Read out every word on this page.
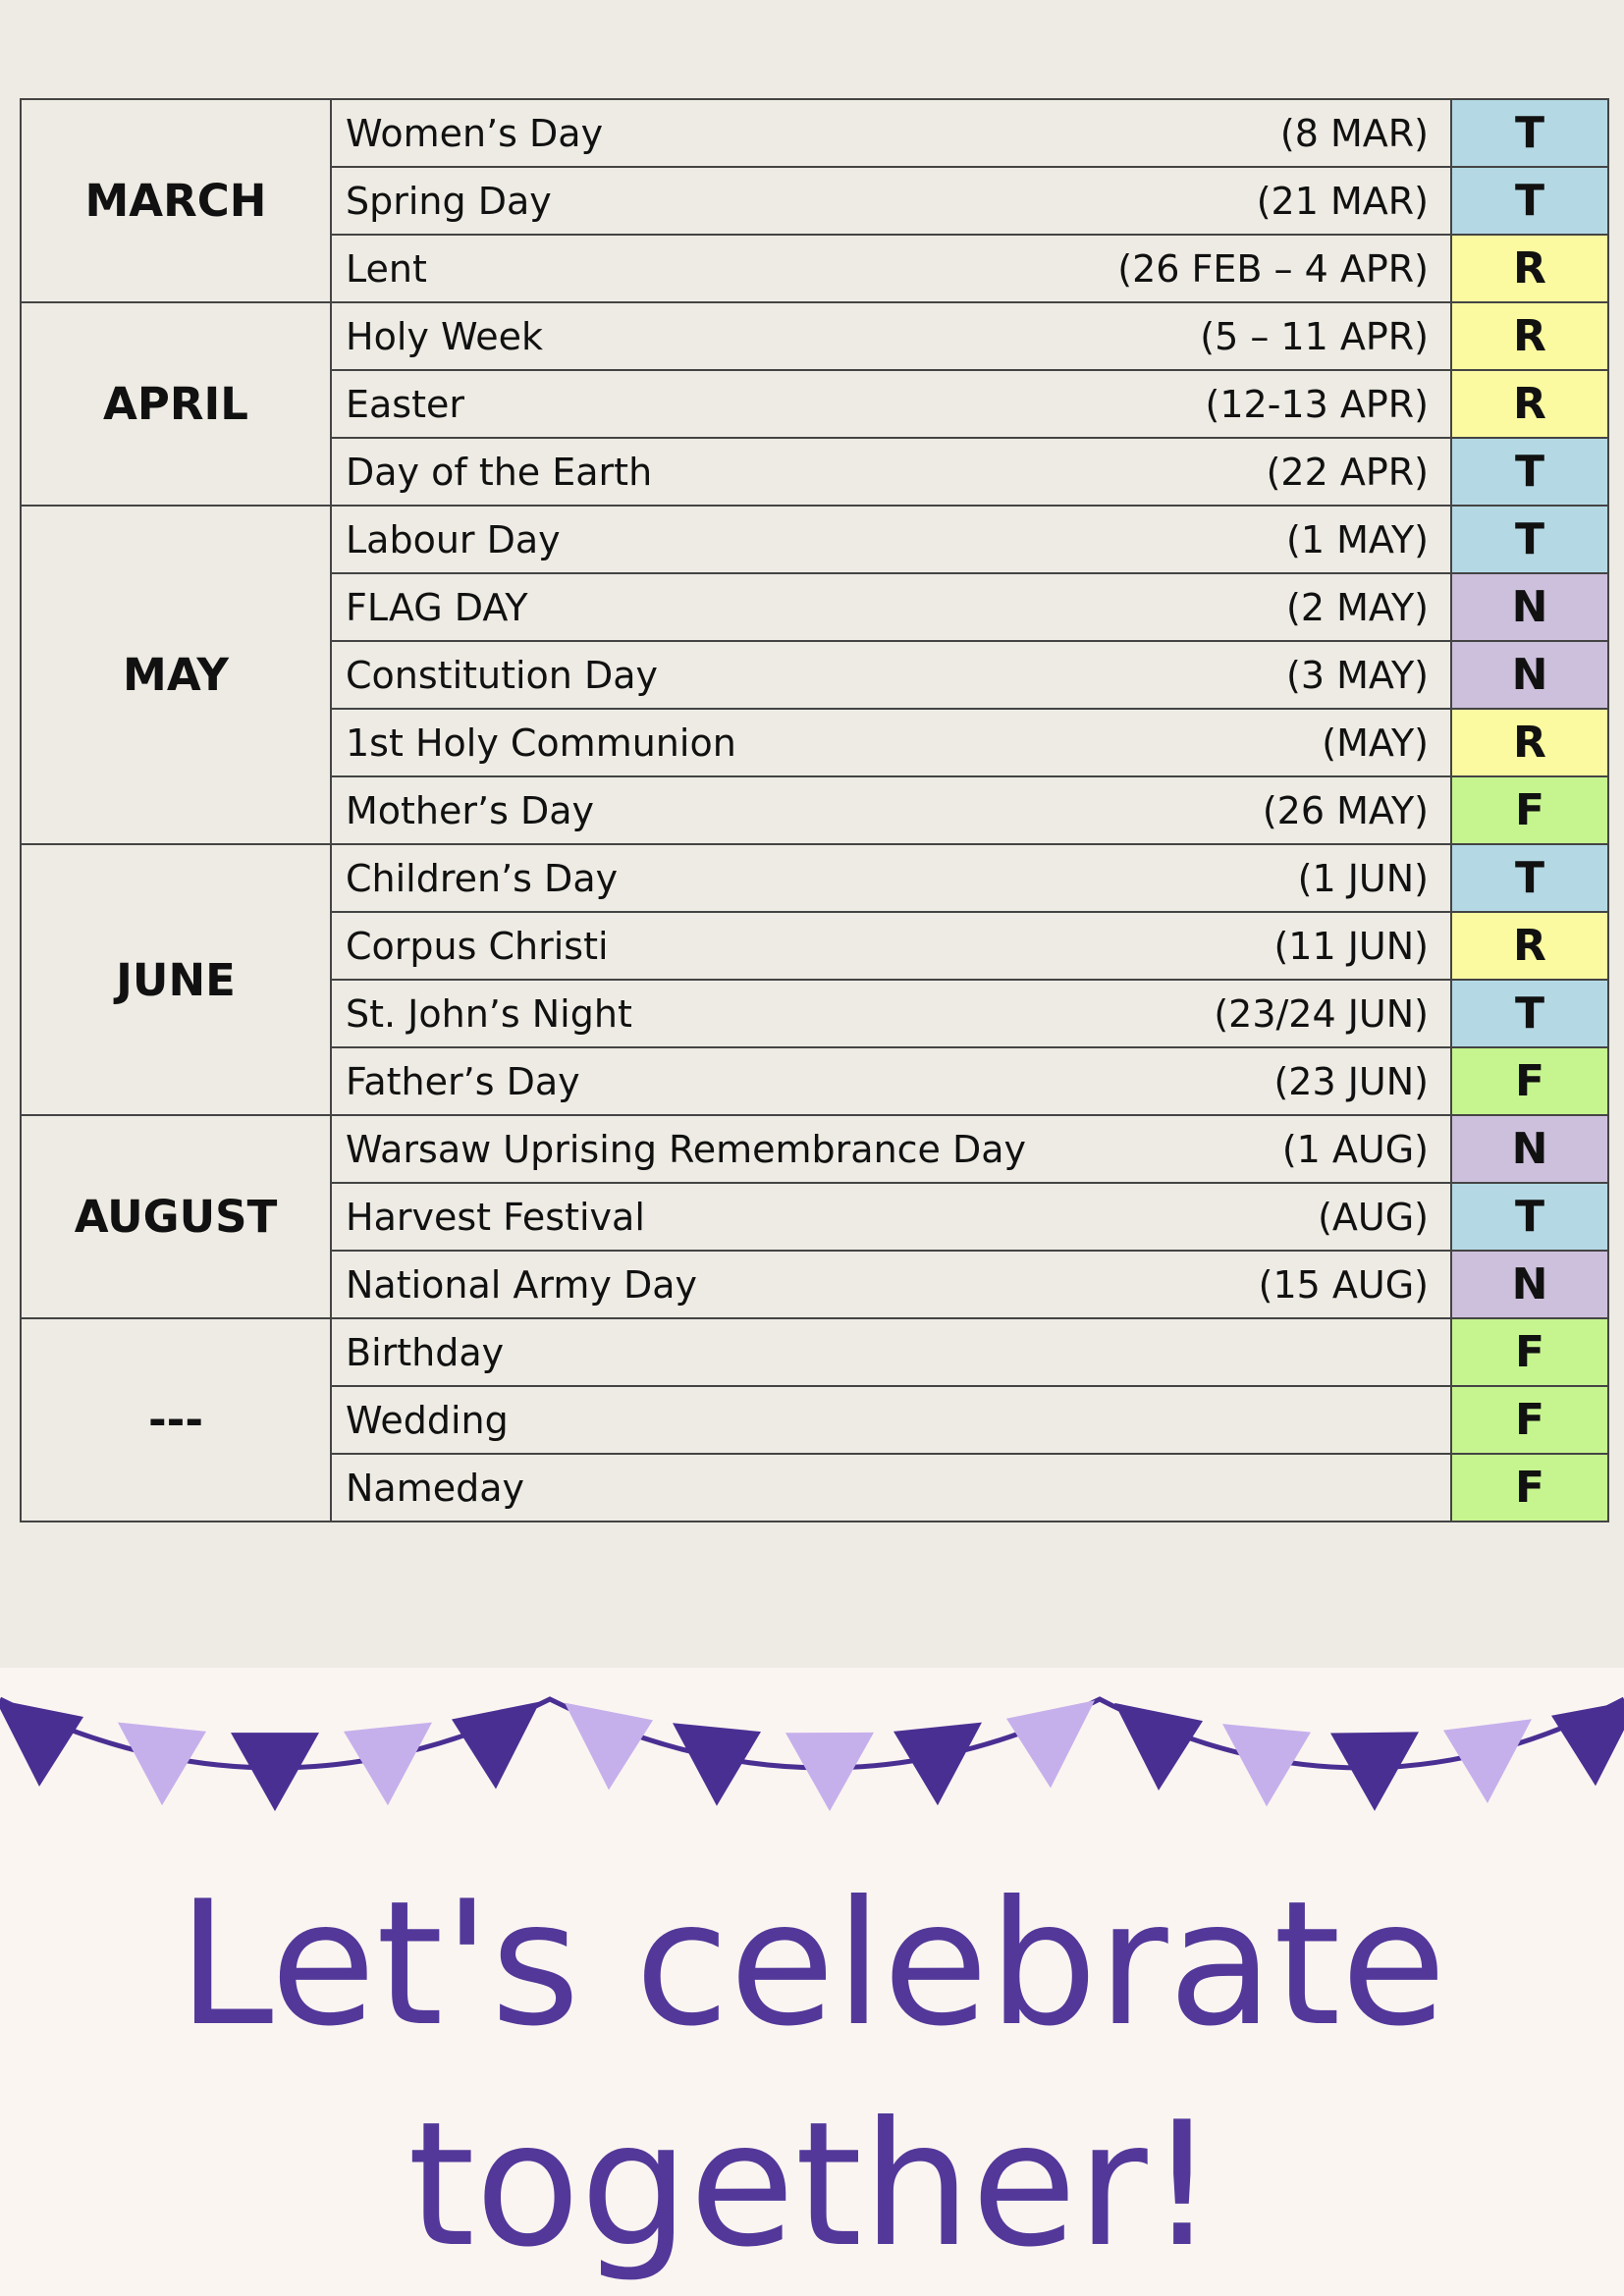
MARCH	Women’s Day (8 MAR)	T

	Spring Day (21 MAR)	T

	Lent (26 FEB – 4 APR)	R
APRIL	Holy Week (5 – 11 APR)	R

	Easter (12-13 APR)	R

	Day of the Earth (22 APR)	T
MAY	Labour Day (1 MAY)	T

	FLAG DAY (2 MAY)	N

	Constitution Day (3 MAY)	N

	1st Holy Communion (MAY)	R

	Mother’s Day (26 MAY)	F
JUNE	Children’s Day (1 JUN)	T

	Corpus Christi (11 JUN)	R

	St. John’s Night (23/24 JUN)	T

	Father’s Day (23 JUN)	F
AUGUST	Warsaw Uprising Remembrance Day (1 AUG)	N

	Harvest Festival (AUG)	T

	National Army Day (15 AUG)	N
---	Birthday	F

	Wedding	F

	Nameday	F
Let's celebrate
together!
